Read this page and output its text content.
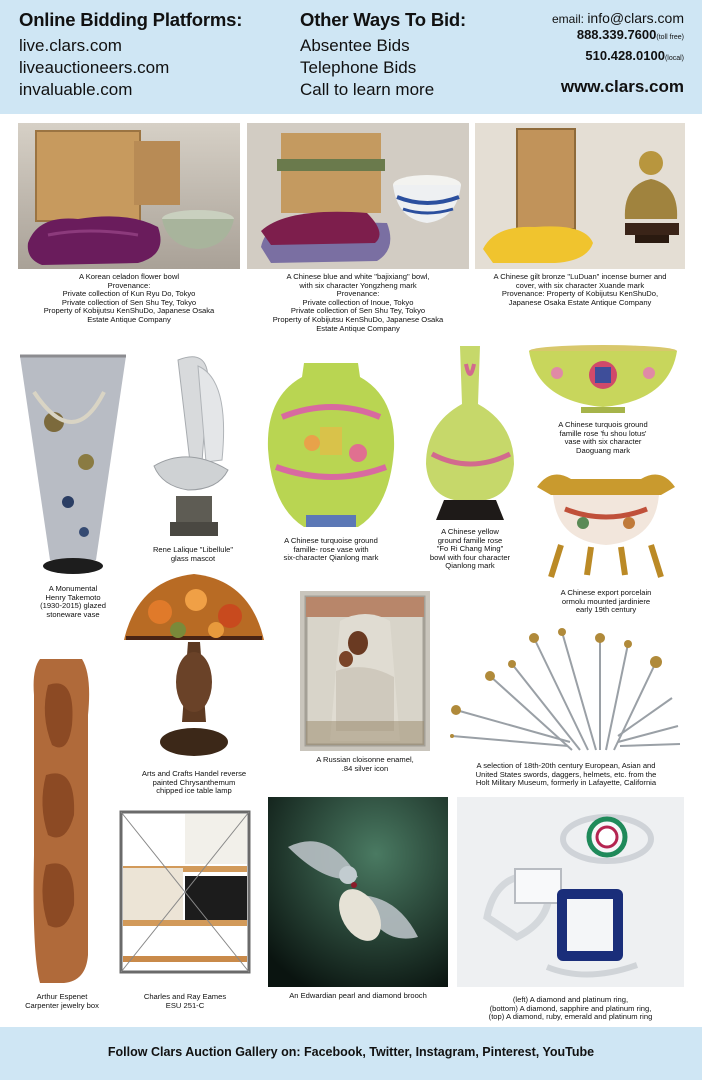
Online Bidding Platforms:
live.clars.com
liveauctioneers.com
invaluable.com
Other Ways To Bid:
Absentee Bids
Telephone Bids
Call to learn more
email: info@clars.com
888.339.7600(toll free)
510.428.0100(local)
www.clars.com
A Korean celadon flower bowl
Provenance:
Private collection of Kun Ryu Do, Tokyo
Private collection of Sen Shu Tey, Tokyo
Property of Kobijutsu KenShuDo, Japanese Osaka
Estate Antique Company
A Chinese blue and white "bajixiang" bowl,
with six character Yongzheng mark
Provenance:
Private collection of Inoue, Tokyo
Private collection of Sen Shu Tey, Tokyo
Property of Kobijutsu KenShuDo, Japanese Osaka
Estate Antique Company
A Chinese gilt bronze "LuDuan" incense burner and
cover, with six character Xuande mark
Provenance: Property of Kobijutsu KenShuDo,
Japanese Osaka Estate Antique Company
A Monumental
Henry Takemoto
(1930-2015) glazed
stoneware vase
Rene Lalique "Libellule"
glass mascot
A Chinese turquoise ground
famille- rose vase with
six-character Qianlong mark
A Chinese yellow
ground famille rose
"Fo Ri Chang Ming"
bowl with four character
Qianlong mark
A Chinese turquois ground
famille rose 'fu shou lotus'
vase with six character
Daoguang mark
A Chinese export porcelain
ormolu mounted jardiniere
early 19th century
Arts and Crafts Handel reverse
painted Chrysanthemum
chipped ice table lamp
A Russian cloisonne enamel,
.84 silver icon	A selection of 18th-20th century European, Asian and
United States swords, daggers, helmets, etc. from the
Holt Military Museum, formerly in Lafayette, California
Arthur Espenet
Carpenter jewelry box
Charles and Ray Eames
ESU 251-C
An Edwardian pearl and diamond brooch	(left) A diamond and platinum ring,
(bottom) A diamond, sapphire and platinum ring,
(top) A diamond, ruby, emerald and platinum ring
Follow Clars Auction Gallery on: Facebook, Twitter, Instagram, Pinterest, YouTube
